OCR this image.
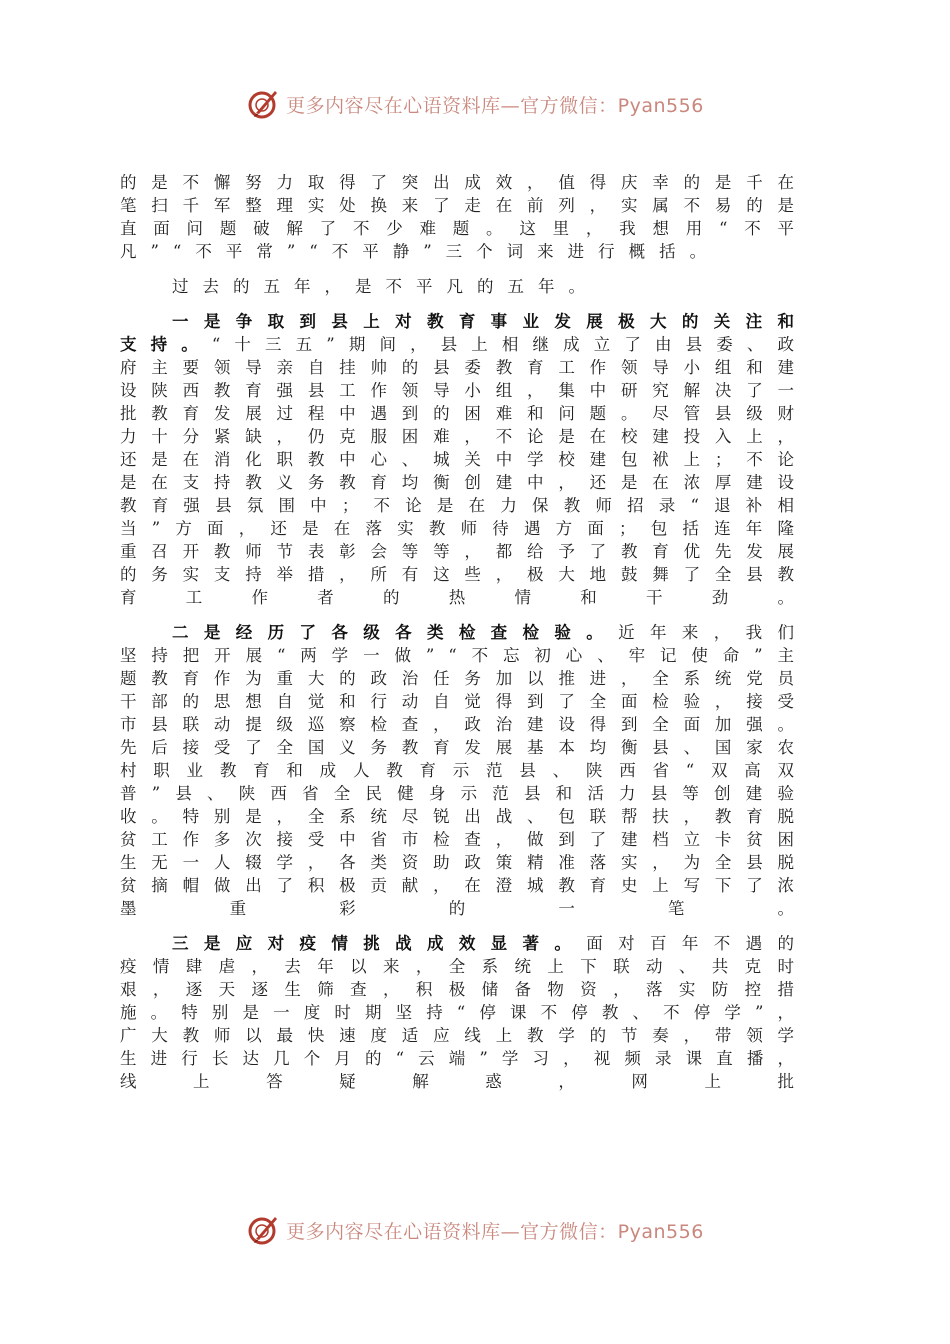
更多内容尽在心语资料库—官方微信：Pyan556

的是不懈努力取得了突出成效，值得庆幸的是千在笔扫千军整理实处换来了走在前列，实属不易的是直面问题破解了不少难题。这里，我想用“不平凡”“不平常”“不平静”三个词来进行概括。

过去的五年，是不平凡的五年。

一是争取到县上对教育事业发展极大的关注和支持。“十三五”期间，县上相继成立了由县委、政府主要领导亲自挂帅的县委教育工作领导小组和建设陕西教育强县工作领导小组，集中研究解决了一批教育发展过程中遇到的困难和问题。尽管县级财力十分紧缺，仍克服困难，不论是在校建投入上，还是在消化职教中心、城关中学校建包袱上；不论是在支持教义务教育均衡创建中，还是在浓厚建设教育强县氛围中；不论是在力保教师招录“退补相当”方面，还是在落实教师待遇方面；包括连年隆重召开教师节表彰会等等，都给予了教育优先发展的务实支持举措，所有这些，极大地鼓舞了全县教育工作者的热情和干劲。

二是经历了各级各类检查检验。近年来，我们坚持把开展“两学一做”“不忘初心、牢记使命”主题教育作为重大的政治任务加以推进，全系统党员干部的思想自觉和行动自觉得到了全面检验，接受市县联动提级巡察检查，政治建设得到全面加强。先后接受了全国义务教育发展基本均衡县、国家农村职业教育和成人教育示范县、陕西省“双高双普”县、陕西省全民健身示范县和活力县等创建验收。特别是，全系统尽锐出战、包联帮扶，教育脱贫工作多次接受中省市检查，做到了建档立卡贫困生无一人辍学，各类资助政策精准落实，为全县脱贫摘帽做出了积极贡献，在澄城教育史上写下了浓墨重彩的一笔。

三是应对疫情挑战成效显著。面对百年不遇的疫情肆虐，去年以来，全系统上下联动、共克时艰，逐天逐生筛查，积极储备物资，落实防控措施。特别是一度时期坚持“停课不停教、不停学”，广大教师以最快速度适应线上教学的节奏，带领学生进行长达几个月的“云端”学习，视频录课直播，线上答疑解惑，网上批

更多内容尽在心语资料库—官方微信：Pyan556
